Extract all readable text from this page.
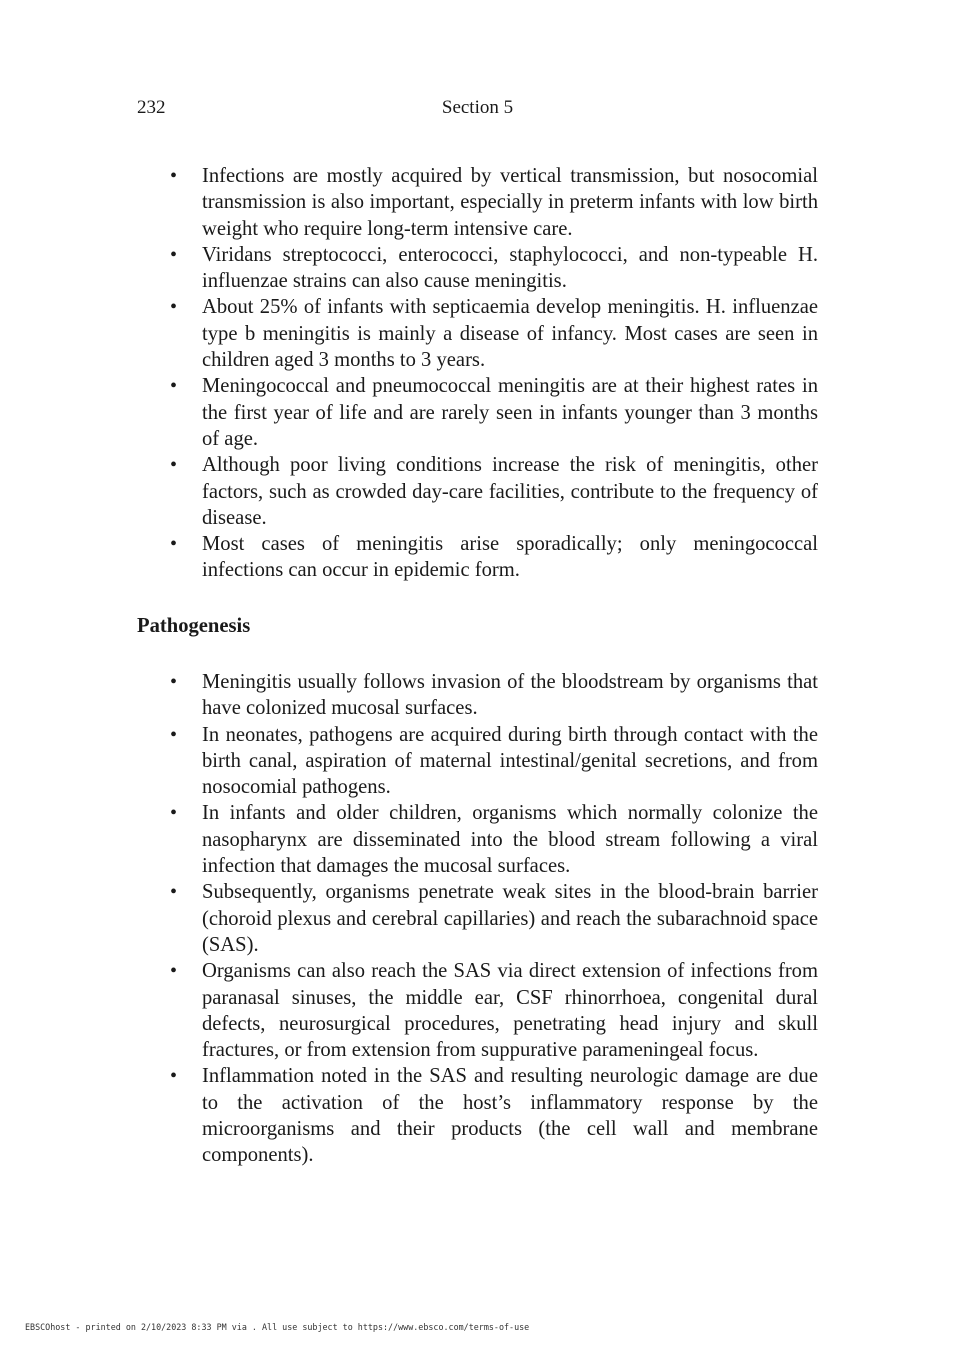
232	Section 5
• Infections are mostly acquired by vertical transmission, but nosocomial transmission is also important, especially in preterm infants with low birth weight who require long-term intensive care.
• Viridans streptococci, enterococci, staphylococci, and non-typeable H. influenzae strains can also cause meningitis.
• About 25% of infants with septicaemia develop meningitis. H. influenzae type b meningitis is mainly a disease of infancy. Most cases are seen in children aged 3 months to 3 years.
• Meningococcal and pneumococcal meningitis are at their highest rates in the first year of life and are rarely seen in infants younger than 3 months of age.
• Although poor living conditions increase the risk of meningitis, other factors, such as crowded day-care facilities, contribute to the frequency of disease.
• Most cases of meningitis arise sporadically; only meningococcal infections can occur in epidemic form.
Pathogenesis
• Meningitis usually follows invasion of the bloodstream by organisms that have colonized mucosal surfaces.
• In neonates, pathogens are acquired during birth through contact with the birth canal, aspiration of maternal intestinal/genital secretions, and from nosocomial pathogens.
• In infants and older children, organisms which normally colonize the nasopharynx are disseminated into the blood stream following a viral infection that damages the mucosal surfaces.
• Subsequently, organisms penetrate weak sites in the blood-brain barrier (choroid plexus and cerebral capillaries) and reach the subarachnoid space (SAS).
• Organisms can also reach the SAS via direct extension of infections from paranasal sinuses, the middle ear, CSF rhinorrhoea, congenital dural defects, neurosurgical procedures, penetrating head injury and skull fractures, or from extension from suppurative parameningeal focus.
• Inflammation noted in the SAS and resulting neurologic damage are due to the activation of the host’s inflammatory response by the microorganisms and their products (the cell wall and membrane components).
EBSCOhost - printed on 2/10/2023 8:33 PM via . All use subject to https://www.ebsco.com/terms-of-use
